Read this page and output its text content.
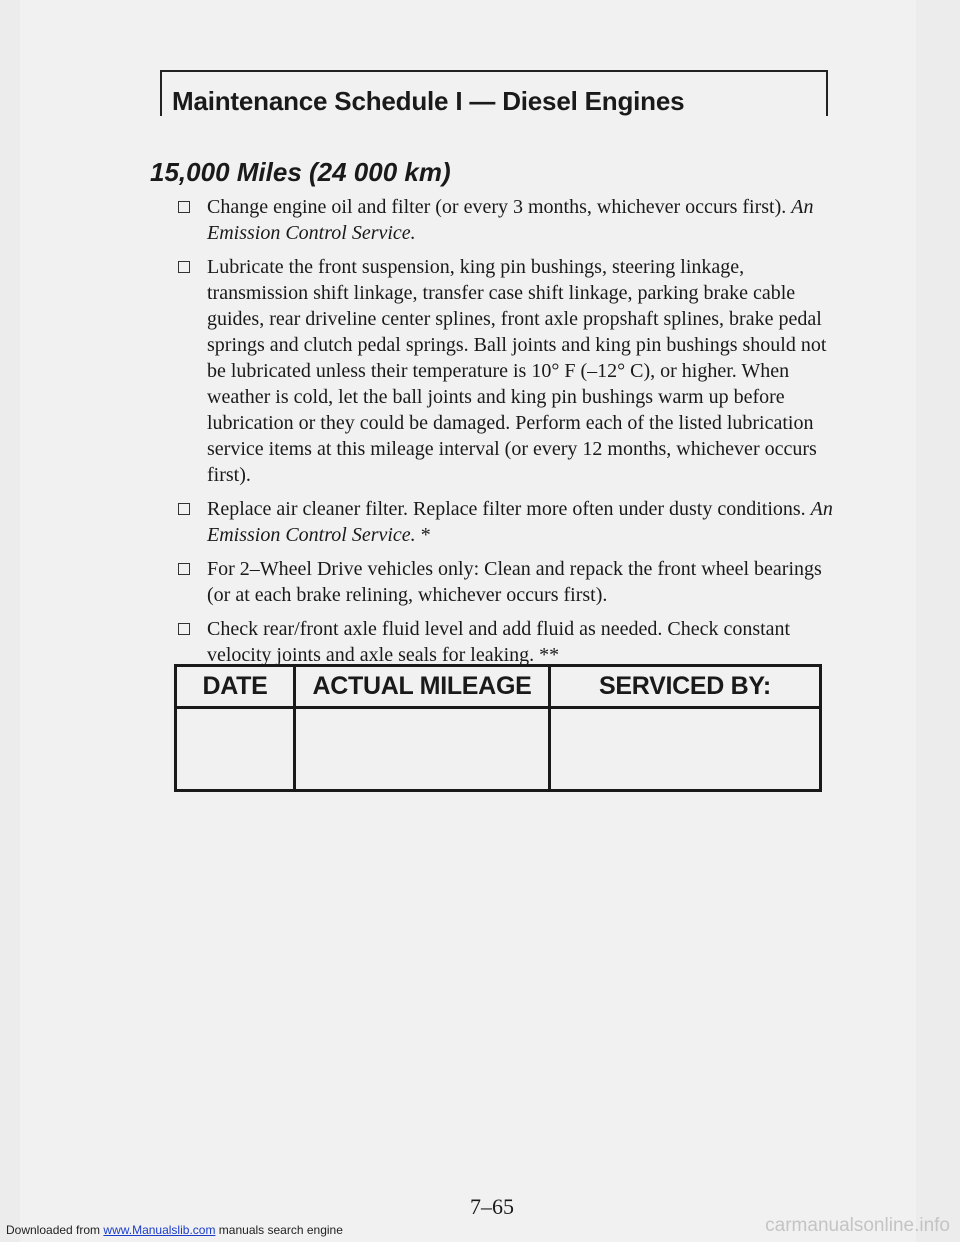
Maintenance Schedule I — Diesel Engines
15,000 Miles (24 000 km)
Change engine oil and filter (or every 3 months, whichever occurs first). An Emission Control Service.
Lubricate the front suspension, king pin bushings, steering linkage, transmission shift linkage, transfer case shift linkage, parking brake cable guides, rear driveline center splines, front axle propshaft splines, brake pedal springs and clutch pedal springs. Ball joints and king pin bushings should not be lubricated unless their temperature is 10° F (–12° C), or higher. When weather is cold, let the ball joints and king pin bushings warm up before lubrication or they could be damaged. Perform each of the listed lubrication service items at this mileage interval (or every 12 months, whichever occurs first).
Replace air cleaner filter. Replace filter more often under dusty conditions. An Emission Control Service. *
For 2–Wheel Drive vehicles only: Clean and repack the front wheel bearings (or at each brake relining, whichever occurs first).
Check rear/front axle fluid level and add fluid as needed. Check constant velocity joints and axle seals for leaking. **
DATE	ACTUAL MILEAGE	SERVICED BY:
7–65
Downloaded from www.Manualslib.com manuals search engine	carmanualsonline.info
